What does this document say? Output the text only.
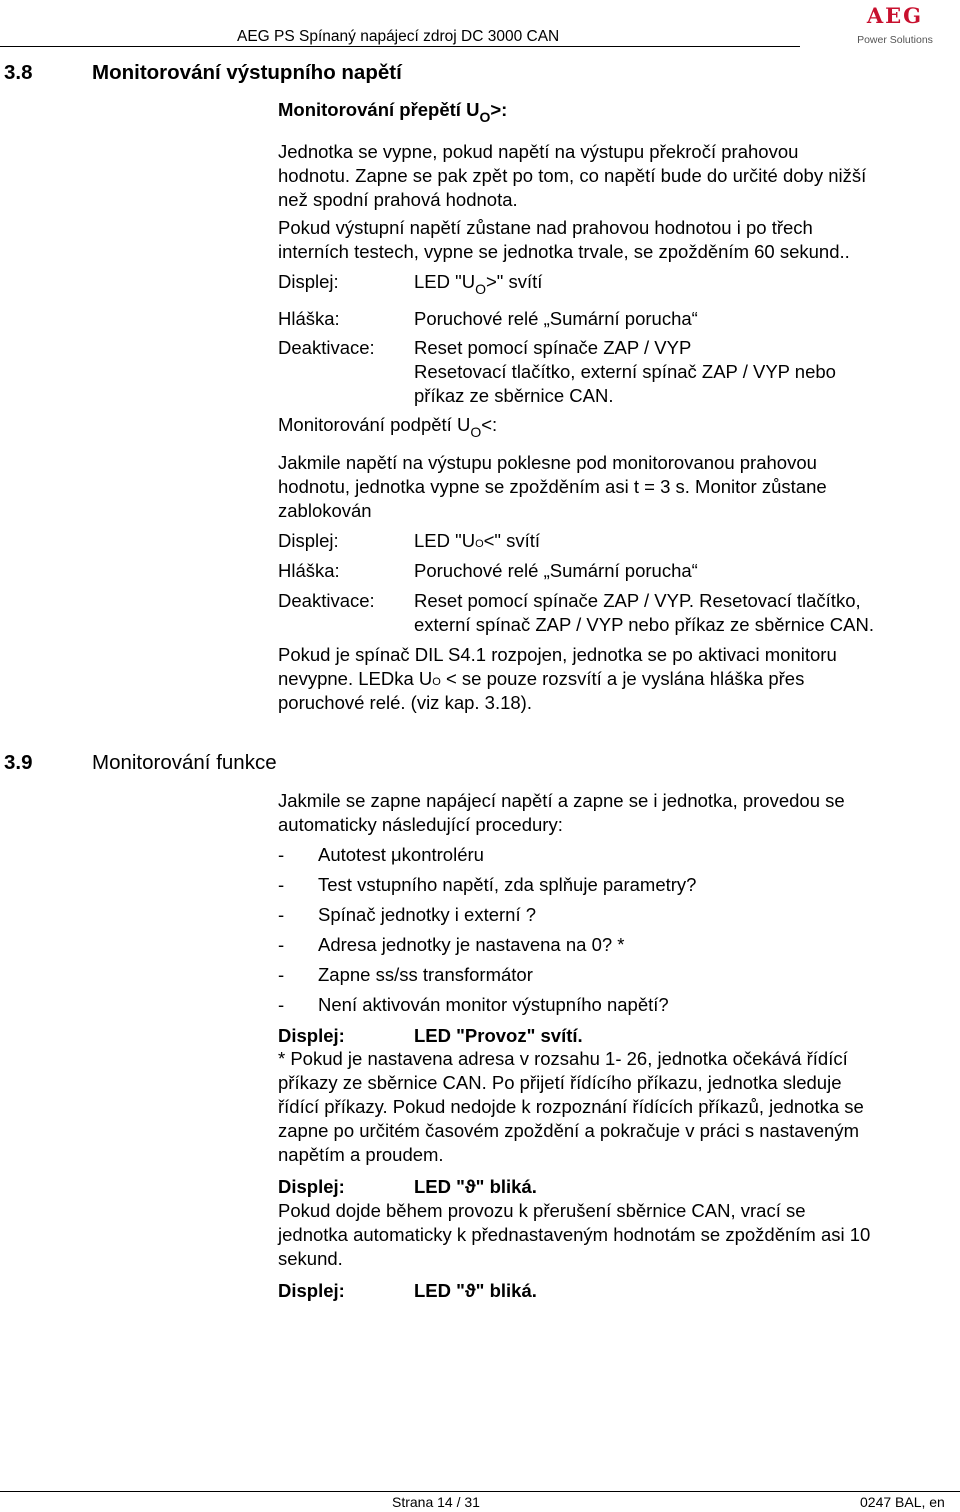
AEG PS Spínaný napájecí zdroj DC 3000 CAN
AEG
Power Solutions
3.8	Monitorování výstupního napětí
Monitorování přepětí $U_O>$:
Jednotka se vypne, pokud napětí na výstupu překročí prahovou
hodnotu. Zapne se pak zpět po tom, co napětí bude do určité doby nižší
než spodní prahová hodnota.
Pokud výstupní napětí zůstane nad prahovou hodnotou i po třech
interních testech, vypne se jednotka trvale, se zpožděním 60 sekund..
Displej:	LED "$U_O>$" svítí
Hláška:	Poruchové relé „Sumární porucha“
Deaktivace: Reset pomocí spínače ZAP / VYP
Resetovací tlačítko, externí spínač ZAP / VYP nebo
příkaz ze sběrnice CAN.
Monitorování podpětí $U_O<$:
Jakmile napětí na výstupu poklesne pod monitorovanou prahovou
hodnotu, jednotka vypne se zpožděním asi t = 3 s. Monitor zůstane
zablokován
Displej:	LED "UO<" svítí
Hláška:	Poruchové relé „Sumární porucha“
Deaktivace: Reset pomocí spínače ZAP / VYP. Resetovací tlačítko,
externí spínač ZAP / VYP nebo příkaz ze sběrnice CAN.
Pokud je spínač DIL S4.1 rozpojen, jednotka se po aktivaci monitoru
nevypne. LEDka UO < se pouze rozsvítí a je vyslána hláška přes
poruchové relé. (viz kap. 3.18).
3.9	Monitorování funkce
Jakmile se zapne napájecí napětí a zapne se i jednotka, provedou se
automaticky následující procedury:
- Autotest μkontroléru
- Test vstupního napětí, zda splňuje parametry?
- Spínač jednotky i externí ?
- Adresa jednotky je nastavena na 0? *
- Zapne ss/ss transformátor
- Není aktivován monitor výstupního napětí?
Displej:	LED "Provoz" svítí.
* Pokud je nastavena adresa v rozsahu 1- 26, jednotka očekává řídící
příkazy ze sběrnice CAN. Po přijetí řídícího příkazu, jednotka sleduje
řídící příkazy. Pokud nedojde k rozpoznání řídících příkazů, jednotka se
zapne po určitém časovém zpoždění a pokračuje v práci s nastaveným
napětím a proudem.
Displej:	LED "ϑ" bliká.
Pokud dojde během provozu k přerušení sběrnice CAN, vrací se
jednotka automaticky k přednastaveným hodnotám se zpožděním asi 10
sekund.
Displej:	LED "ϑ" bliká.
Strana 14 / 31	0247 BAL, en
